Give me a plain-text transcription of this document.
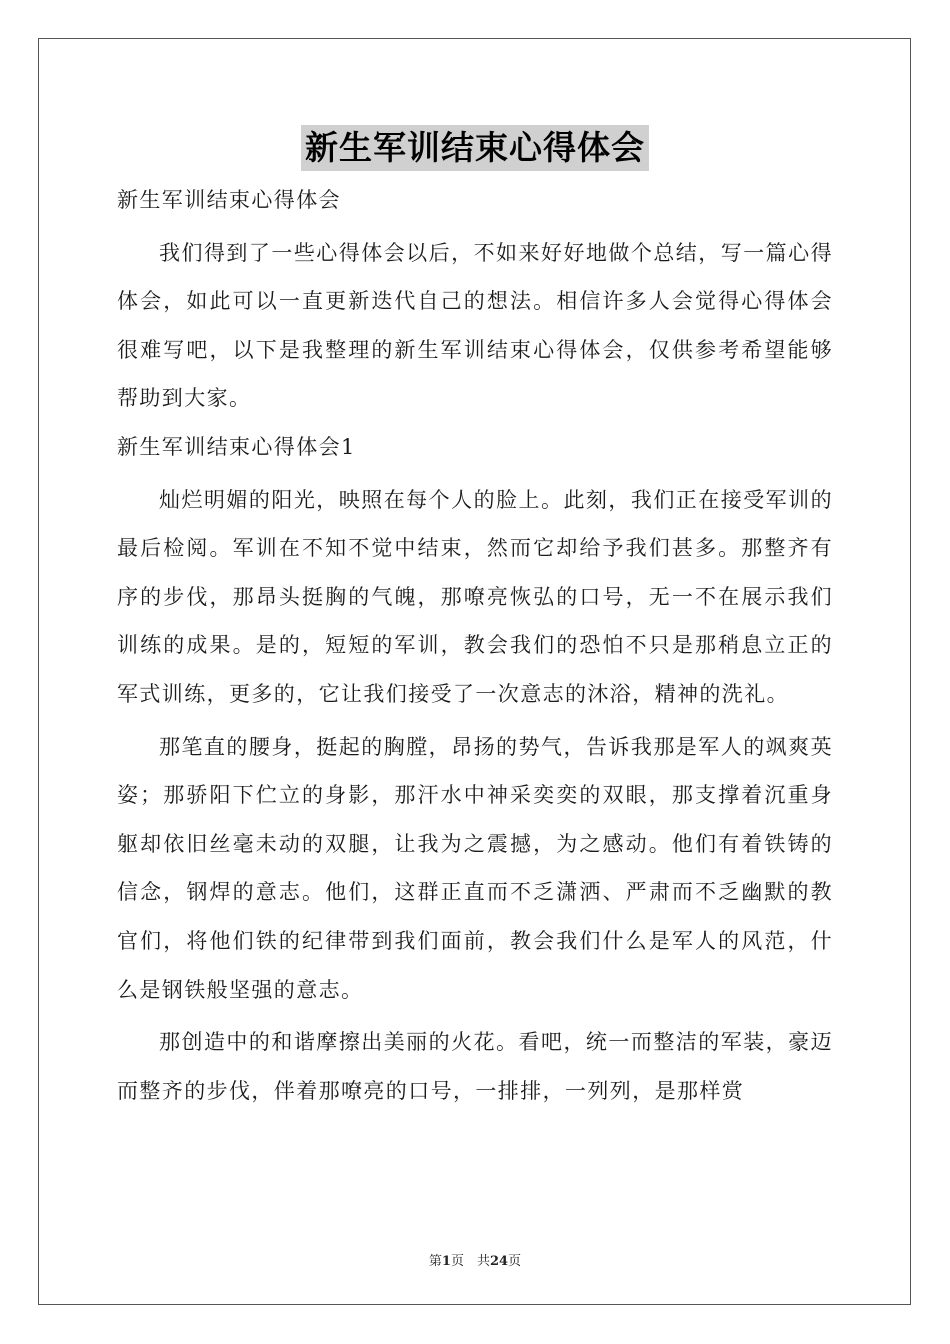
新生军训结束心得体会

新生军训结束心得体会

我们得到了一些心得体会以后，不如来好好地做个总结，写一篇心得体会，如此可以一直更新迭代自己的想法。相信许多人会觉得心得体会很难写吧，以下是我整理的新生军训结束心得体会，仅供参考希望能够帮助到大家。

新生军训结束心得体会1

灿烂明媚的阳光，映照在每个人的脸上。此刻，我们正在接受军训的最后检阅。军训在不知不觉中结束，然而它却给予我们甚多。那整齐有序的步伐，那昂头挺胸的气魄，那嘹亮恢弘的口号，无一不在展示我们训练的成果。是的，短短的军训，教会我们的恐怕不只是那稍息立正的军式训练，更多的，它让我们接受了一次意志的沐浴，精神的洗礼。

那笔直的腰身，挺起的胸膛，昂扬的势气，告诉我那是军人的飒爽英姿；那骄阳下伫立的身影，那汗水中神采奕奕的双眼，那支撑着沉重身躯却依旧丝毫未动的双腿，让我为之震撼，为之感动。他们有着铁铸的信念，钢焊的意志。他们，这群正直而不乏潇洒、严肃而不乏幽默的教官们，将他们铁的纪律带到我们面前，教会我们什么是军人的风范，什么是钢铁般坚强的意志。

那创造中的和谐摩擦出美丽的火花。看吧，统一而整洁的军装，豪迈而整齐的步伐，伴着那嘹亮的口号，一排排，一列列，是那样赏

第1页　共24页
